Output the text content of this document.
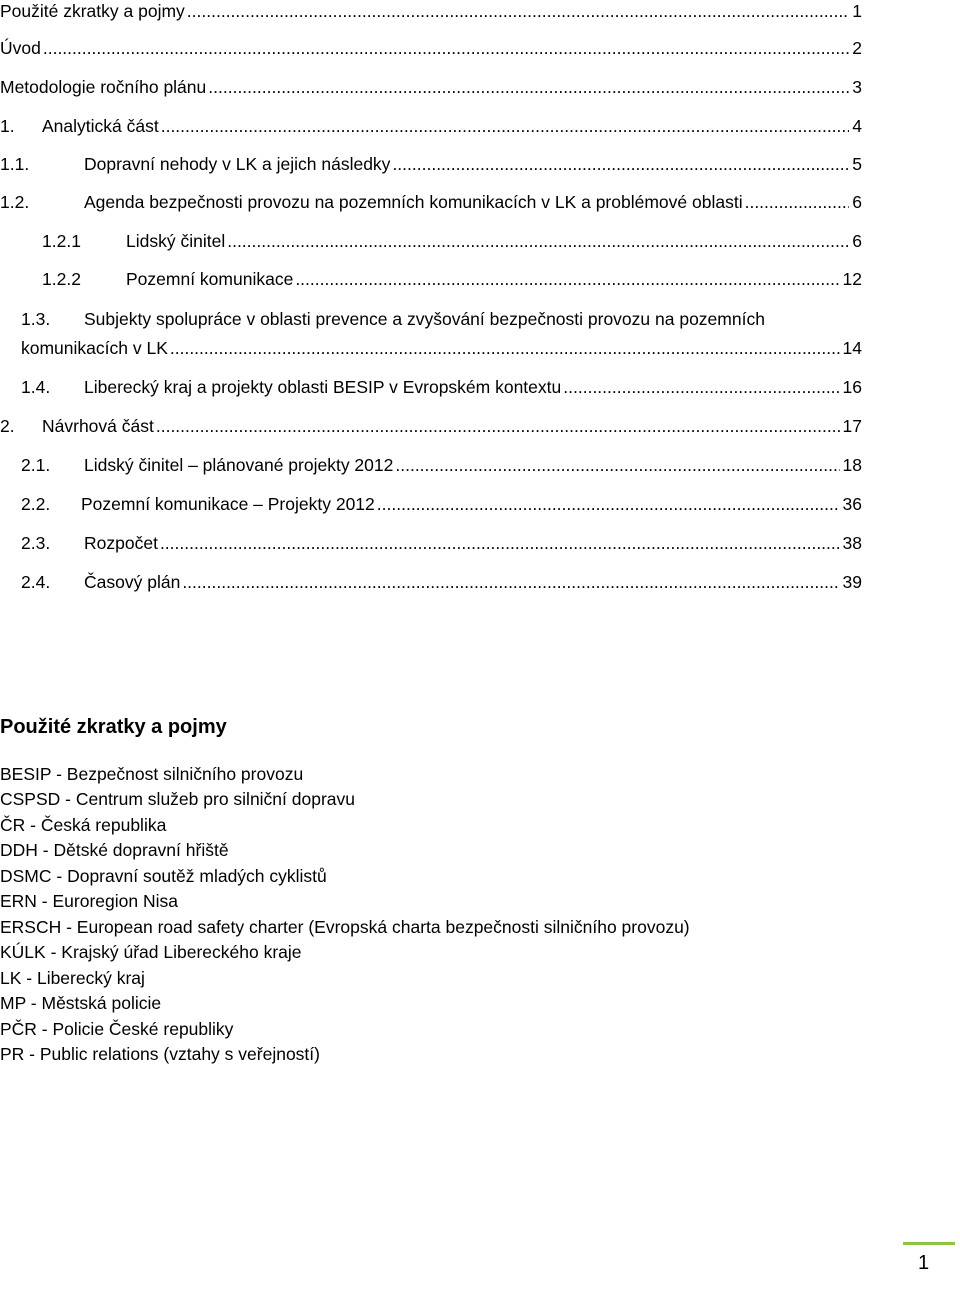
Použité zkratky a pojmy .....	1
Úvod .....	2
Metodologie ročního plánu .....	3
1.	Analytická část .....	4
1.1.	Dopravní nehody v LK a jejich následky .....	5
1.2.	Agenda bezpečnosti provozu na pozemních komunikacích v LK a problémové oblasti .....	6
1.2.1	Lidský činitel .....	6
1.2.2	Pozemní komunikace .....	12
1.3.	Subjekty spolupráce v oblasti prevence a zvyšování bezpečnosti provozu na pozemních
komunikacích v LK .....	14
1.4.	Liberecký kraj a projekty oblasti BESIP v Evropském kontextu .....	16
2.	Návrhová část .....	17
2.1.	Lidský činitel – plánované projekty 2012 .....	18
2.2.	Pozemní komunikace – Projekty 2012 .....	36
2.3.	Rozpočet .....	38
2.4.	Časový plán .....	39
Použité zkratky a pojmy
BESIP - Bezpečnost silničního provozu
CSPSD - Centrum služeb pro silniční dopravu
ČR - Česká republika
DDH - Dětské dopravní hřiště
DSMC - Dopravní soutěž mladých cyklistů
ERN - Euroregion Nisa
ERSCH - European road safety charter (Evropská charta bezpečnosti silničního provozu)
KÚLK - Krajský úřad Libereckého kraje
LK - Liberecký kraj
MP - Městská policie
PČR - Policie České republiky
PR - Public relations (vztahy s veřejností)
1
